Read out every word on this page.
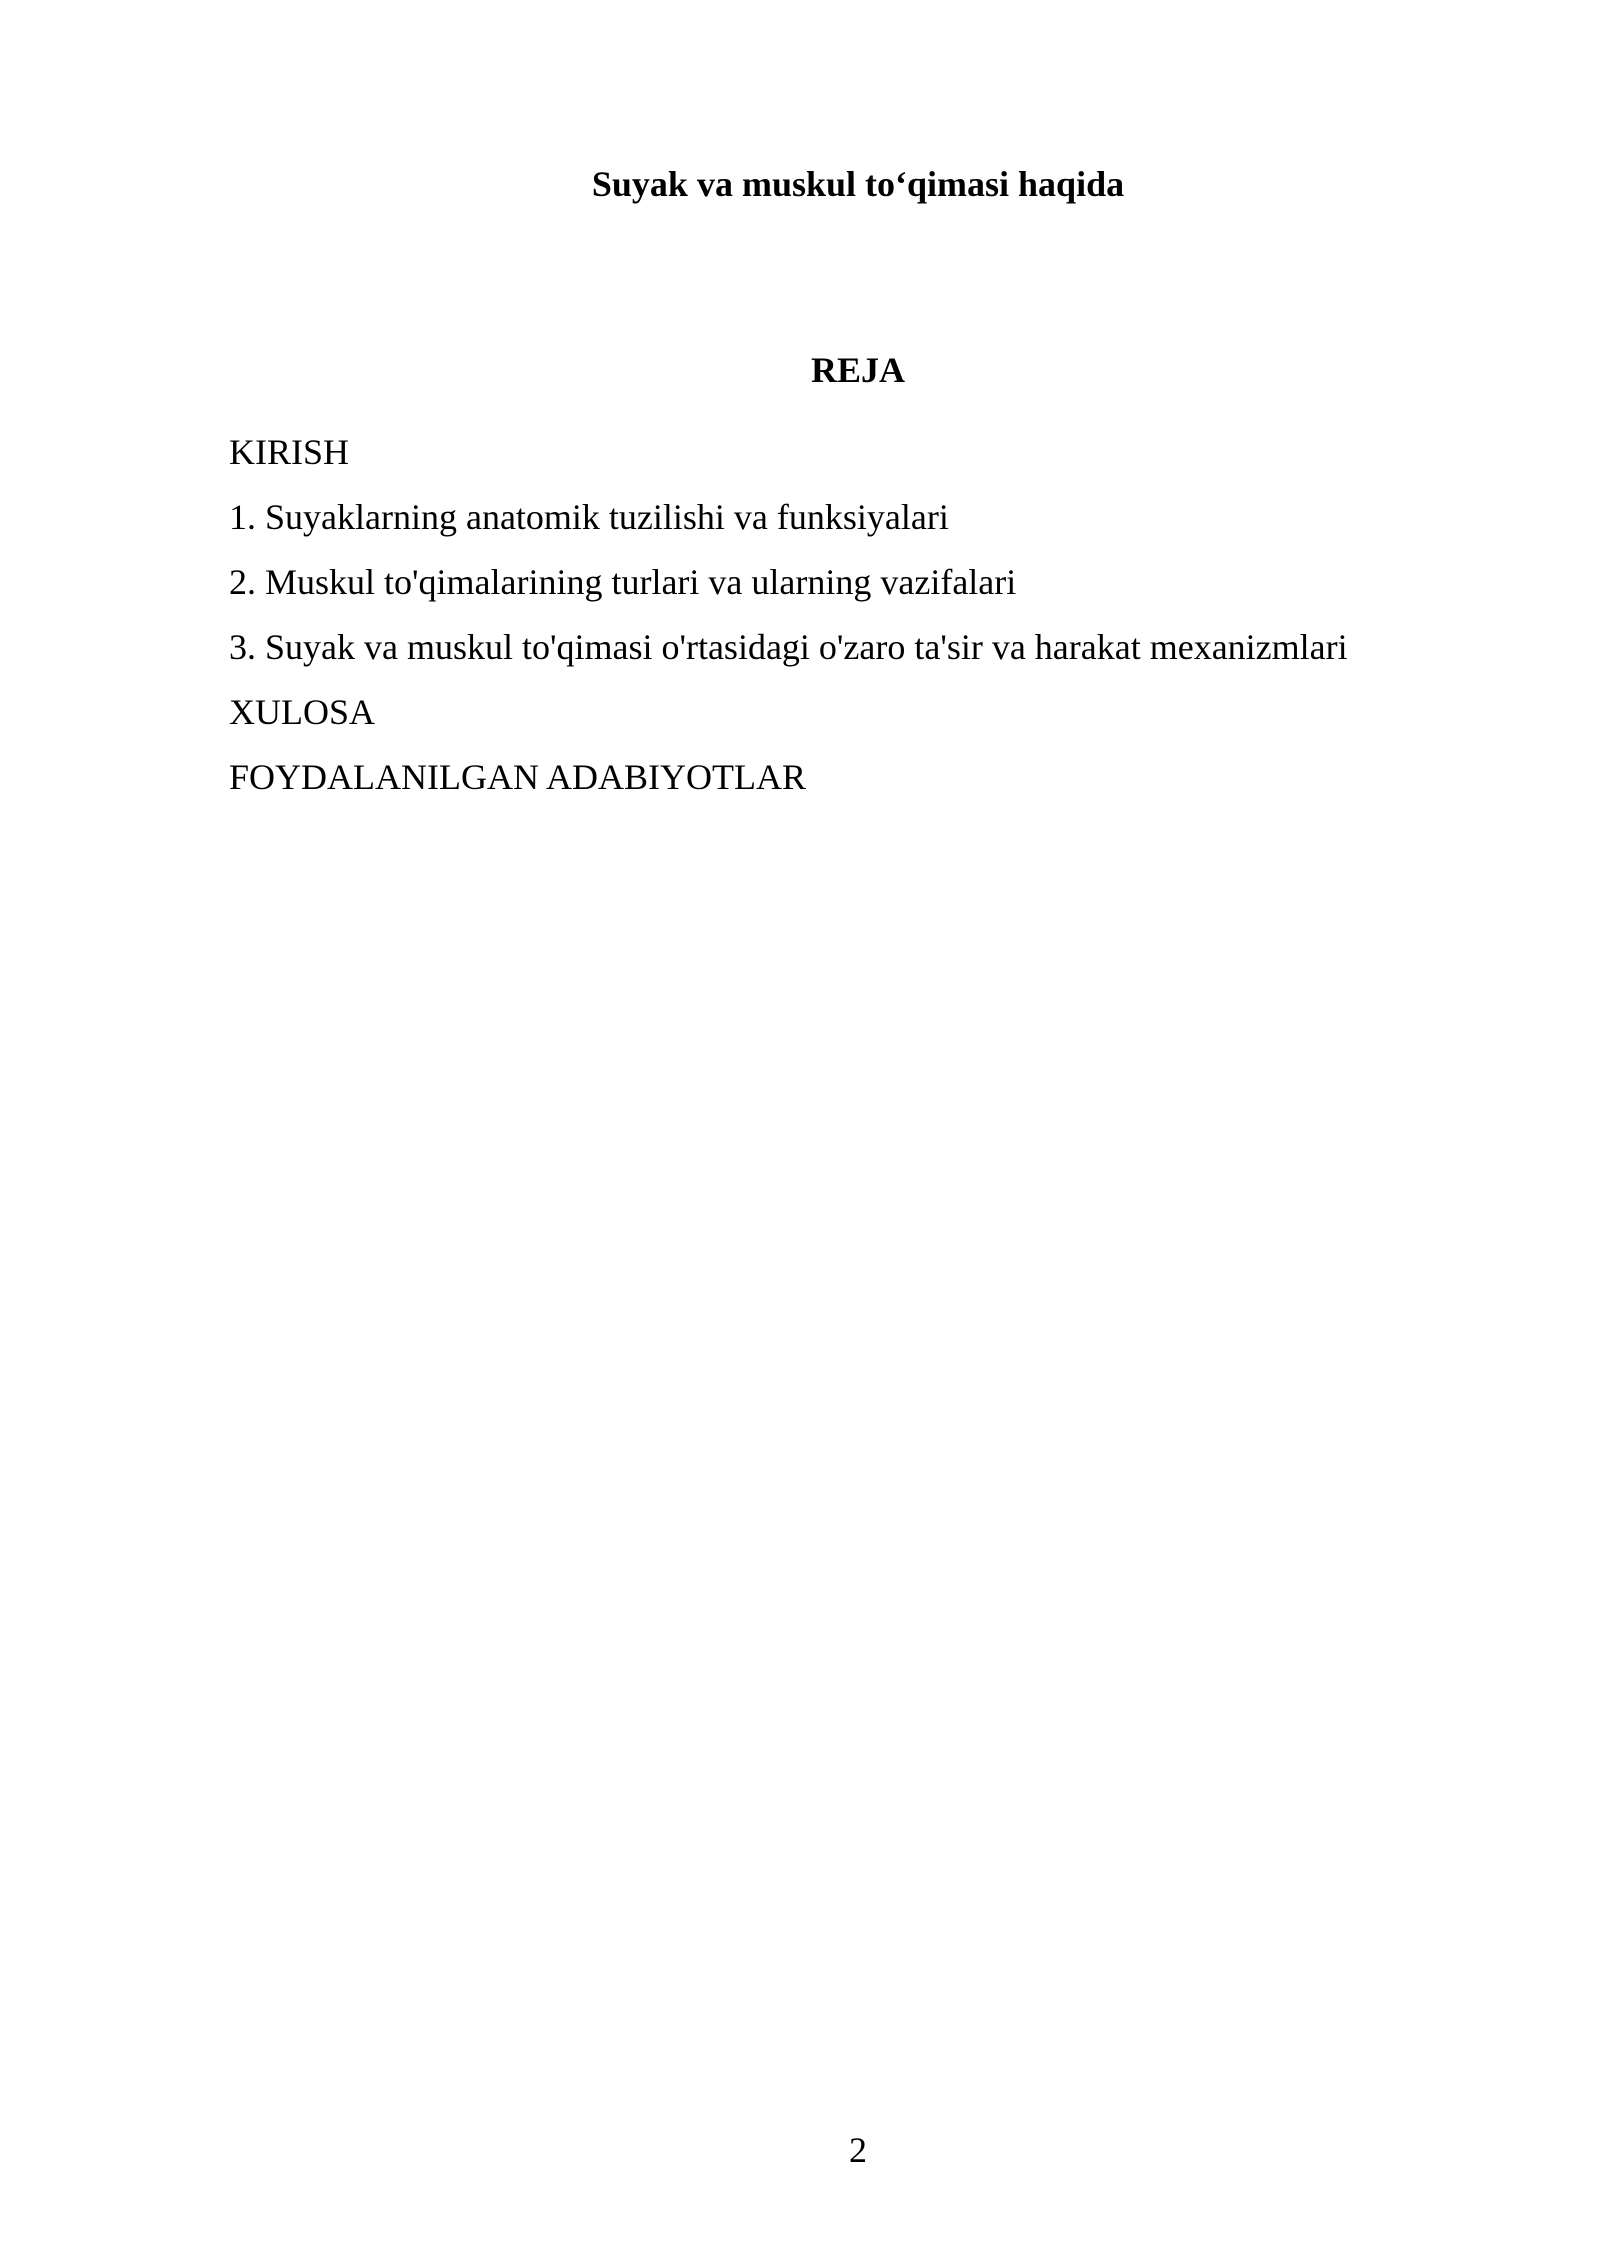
Suyak va muskul to‘qimasi haqida
REJA
KIRISH
1. Suyaklarning anatomik tuzilishi va funksiyalari
2. Muskul to'qimalarining turlari va ularning vazifalari
3. Suyak va muskul to'qimasi o'rtasidagi o'zaro ta'sir va harakat mexanizmlari
XULOSA
FOYDALANILGAN ADABIYOTLAR
2
